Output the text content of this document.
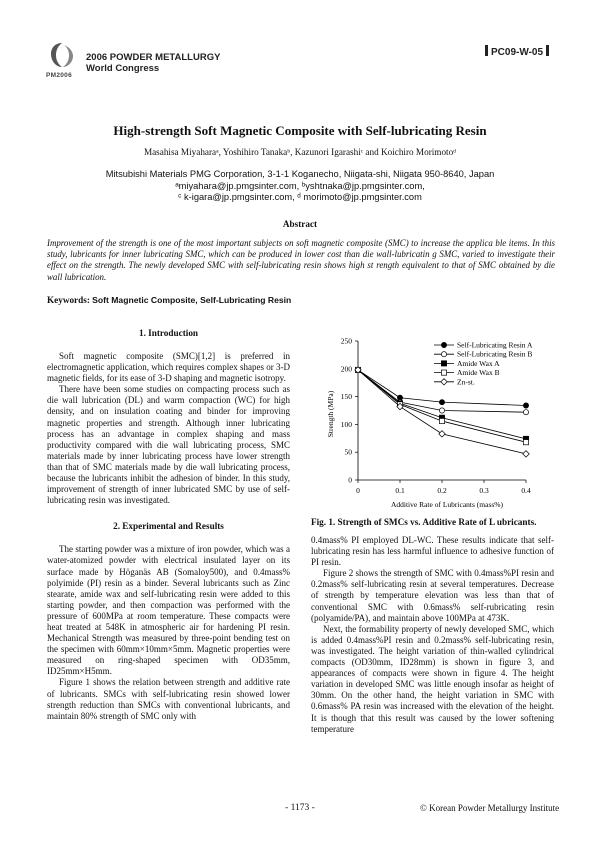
PM2006
2006 POWDER METALLURGY
World Congress
PC09-W-05
High-strength Soft Magnetic Composite with Self-lubricating Resin
Masahisa Miyaharaᵃ, Yoshihiro Tanakaᵇ, Kazunori Igarashiᶜ and Koichiro Morimotoᵈ
Mitsubishi Materials PMG Corporation, 3-1-1 Koganecho, Niigata-shi, Niigata 950-8640, Japan
ᵃmiyahara@jp.pmgsinter.com, ᵇyshtnaka@jp.pmgsinter.com,
ᶜ k-igara@jp.pmgsinter.com, ᵈ morimoto@jp.pmgsinter.com
Abstract
Improvement of the strength is one of the most important subjects on soft magnetic composite (SMC) to increase the applica ble items. In this study, lubricants for inner lubricating SMC, which can be produced in lower cost than die wall-lubricatin g SMC, varied to investigate their effect on the strength. The newly developed SMC with self-lubricating resin shows high st rength equivalent to that of SMC obtained by die wall lubrication.
Keywords: Soft Magnetic Composite, Self-Lubricating Resin
1. Introduction

Soft magnetic composite (SMC)[1,2] is preferred in electromagnetic application, which requires complex shapes or 3-D magnetic fields, for its ease of 3-D shaping and magnetic isotropy.

There have been some studies on compacting process such as die wall lubrication (DL) and warm compaction (WC) for high density, and on insulation coating and binder for improving magnetic properties and strength. Although inner lubricating process has an advantage in complex shaping and mass productivity compared with die wall lubricating process, SMC materials made by inner lubricating process have lower strength than that of SMC materials made by die wall lubricating process, because the lubricants inhibit the adhesion of binder. In this study, improvement of strength of inner lubricated SMC by use of self-lubricating resin was investigated.

2. Experimental and Results

The starting powder was a mixture of iron powder, which was a water-atomized powder with electrical insulated layer on its surface made by Höganäs AB (Somaloy500), and 0.4mass% polyimide (PI) resin as a binder. Several lubricants such as Zinc stearate, amide wax and self-lubricating resin were added to this starting powder, and then compaction was performed with the pressure of 600MPa at room temperature. These compacts were heat treated at 548K in atmospheric air for hardening PI resin. Mechanical Strength was measured by three-point bending test on the specimen with 60mm×10mm×5mm. Magnetic properties were measured on ring-shaped specimen with OD35mm, ID25mm×H5mm.

Figure 1 shows the relation between strength and additive rate of lubricants. SMCs with self-lubricating resin showed lower strength reduction than SMCs with conventional lubricants, and maintain 80% strength of SMC only with

0
50
100
150
200
250
0	0.1	0.2	0.3	0.4
Self-Lubricating Resin A
Self-Lubricating Resin B
Amide Wax A
Amide Wax B
Zn-st.
Strength (MPa)
Additive Rate of Lubricants (mass%)
Fig. 1. Strength of SMCs vs. Additive Rate of L ubricants.

0.4mass% PI employed DL-WC. These results indicate that self-lubricating resin has less harmful influence to adhesive function of PI resin.

Figure 2 shows the strength of SMC with 0.4mass%PI resin and 0.2mass% self-lubricating resin at several temperatures. Decrease of strength by temperature elevation was less than that of conventional SMC with 0.6mass% self-rubricating resin (polyamide/PA), and maintain above 100MPa at 473K.

Next, the formability property of newly developed SMC, which is added 0.4mass%PI resin and 0.2mass% self-lubricating resin, was investigated. The height variation of thin-walled cylindrical compacts (OD30mm, ID28mm) is shown in figure 3, and appearances of compacts were shown in figure 4. The height variation in developed SMC was little enough insofar as height of 30mm. On the other hand, the height variation in SMC with 0.6mass% PA resin was increased with the elevation of the height. It is though that this result was caused by the lower softening temperature

- 1173 -	© Korean Powder Metallurgy Institute
